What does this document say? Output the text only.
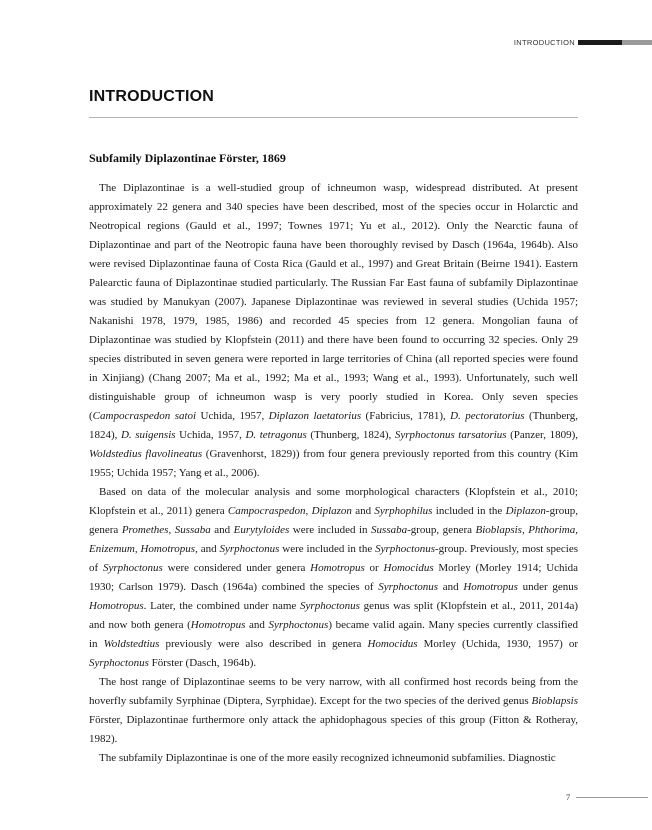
INTRODUCTION
INTRODUCTION
Subfamily Diplazontinae Förster, 1869

The Diplazontinae is a well-studied group of ichneumon wasp, widespread distributed. At present approximately 22 genera and 340 species have been described, most of the species occur in Holarctic and Neotropical regions (Gauld et al., 1997; Townes 1971; Yu et al., 2012). Only the Nearctic fauna of Diplazontinae and part of the Neotropic fauna have been thoroughly revised by Dasch (1964a, 1964b). Also were revised Diplazontinae fauna of Costa Rica (Gauld et al., 1997) and Great Britain (Beirne 1941). Eastern Palearctic fauna of Diplazontinae studied particularly. The Russian Far East fauna of subfamily Diplazontinae was studied by Manukyan (2007). Japanese Diplazontinae was reviewed in several studies (Uchida 1957; Nakanishi 1978, 1979, 1985, 1986) and recorded 45 species from 12 genera. Mongolian fauna of Diplazontinae was studied by Klopfstein (2011) and there have been found to occurring 32 species. Only 29 species distributed in seven genera were reported in large territories of China (all reported species were found in Xinjiang) (Chang 2007; Ma et al., 1992; Ma et al., 1993; Wang et al., 1993). Unfortunately, such well distinguishable group of ichneumon wasp is very poorly studied in Korea. Only seven species (Campocraspedon satoi Uchida, 1957, Diplazon laetatorius (Fabricius, 1781), D. pectoratorius (Thunberg, 1824), D. suigensis Uchida, 1957, D. tetragonus (Thunberg, 1824), Syrphoctonus tarsatorius (Panzer, 1809), Woldstedius flavolineatus (Gravenhorst, 1829)) from four genera previously reported from this country (Kim 1955; Uchida 1957; Yang et al., 2006).

Based on data of the molecular analysis and some morphological characters (Klopfstein et al., 2010; Klopfstein et al., 2011) genera Campocraspedon, Diplazon and Syrphophilus included in the Diplazon-group, genera Promethes, Sussaba and Eurytyloides were included in Sussaba-group, genera Bioblapsis, Phthorima, Enizemum, Homotropus, and Syrphoctonus were included in the Syrphoctonus-group. Previously, most species of Syrphoctonus were considered under genera Homotropus or Homocidus Morley (Morley 1914; Uchida 1930; Carlson 1979). Dasch (1964a) combined the species of Syrphoctonus and Homotropus under genus Homotropus. Later, the combined under name Syrphoctonus genus was split (Klopfstein et al., 2011, 2014a) and now both genera (Homotropus and Syrphoctonus) became valid again. Many species currently classified in Woldstedtius previously were also described in genera Homocidus Morley (Uchida, 1930, 1957) or Syrphoctonus Förster (Dasch, 1964b).

The host range of Diplazontinae seems to be very narrow, with all confirmed host records being from the hoverfly subfamily Syrphinae (Diptera, Syrphidae). Except for the two species of the derived genus Bioblapsis Förster, Diplazontinae furthermore only attack the aphidophagous species of this group (Fitton & Rotheray, 1982).

The subfamily Diplazontinae is one of the more easily recognized ichneumonid subfamilies. Diagnostic

7
